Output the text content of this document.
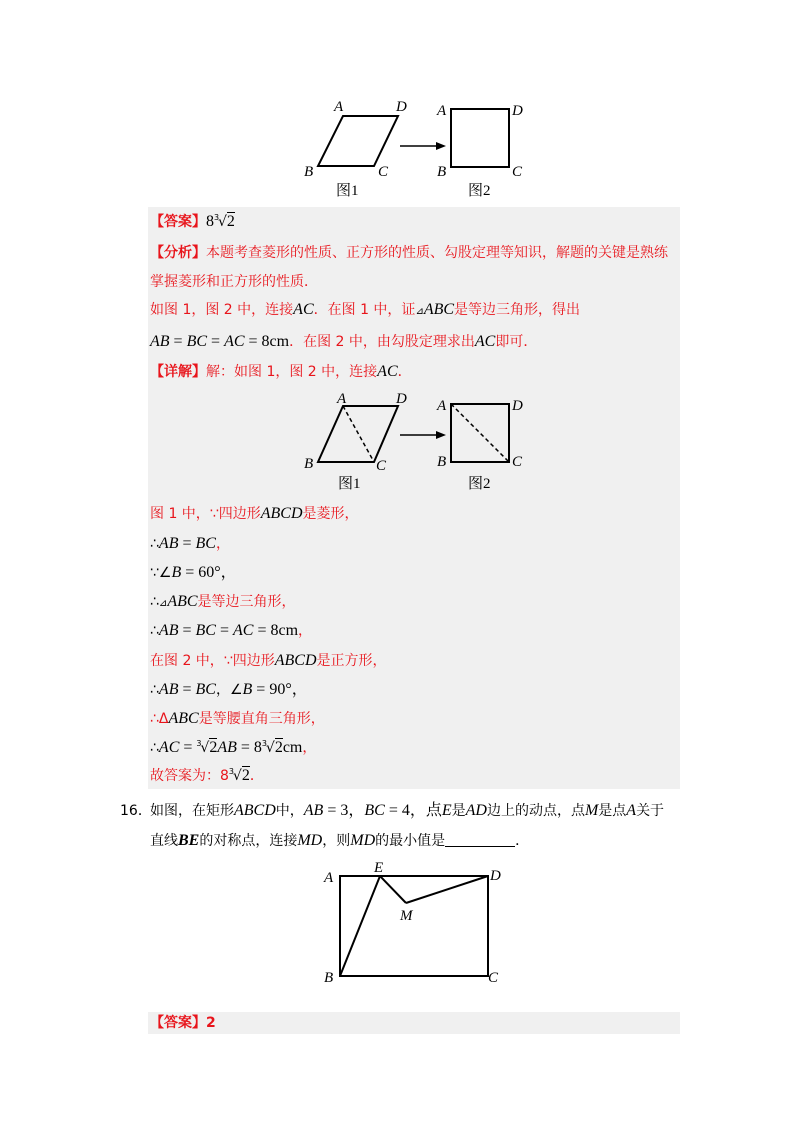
A	D
B	C
A	D
B	C
图1	图2
【答案】8 3
√2
【分析】本题考查菱形的性质、正方形的性质、勾股定理等知识，解题的关键是熟练
掌握菱形和正方形的性质．
如图 1，图 2 中，连接AC．在图 1 中，证⊿ABC是等边三角形，得出
AB = BC = AC = 8cm．在图 2 中，由勾股定理求出AC即可．
【详解】解：如图 1，图 2 中，连接AC．
A	D
B	C
A	D
B	C
图1	图2
图 1 中，∵四边形ABCD是菱形，
∴AB = BC，
∵∠B = 60°，
∴⊿ABC是等边三角形，
∴AB = BC = AC = 8cm，
在图 2 中，∵四边形ABCD是正方形，
∴AB = BC，∠B = 90°，
∴ΔABC是等腰直角三角形，
∴AC = 3
√2AB = 8 3
√2cm，
故答案为：8 3
√2．
16．
如图，在矩形ABCD中，AB = 3，BC = 4，点E是AD边上的动点，点M是点A关于
直线BE的对称点，连接MD，则MD的最小值是	．
A
E	D
M
B	C
【答案】2
